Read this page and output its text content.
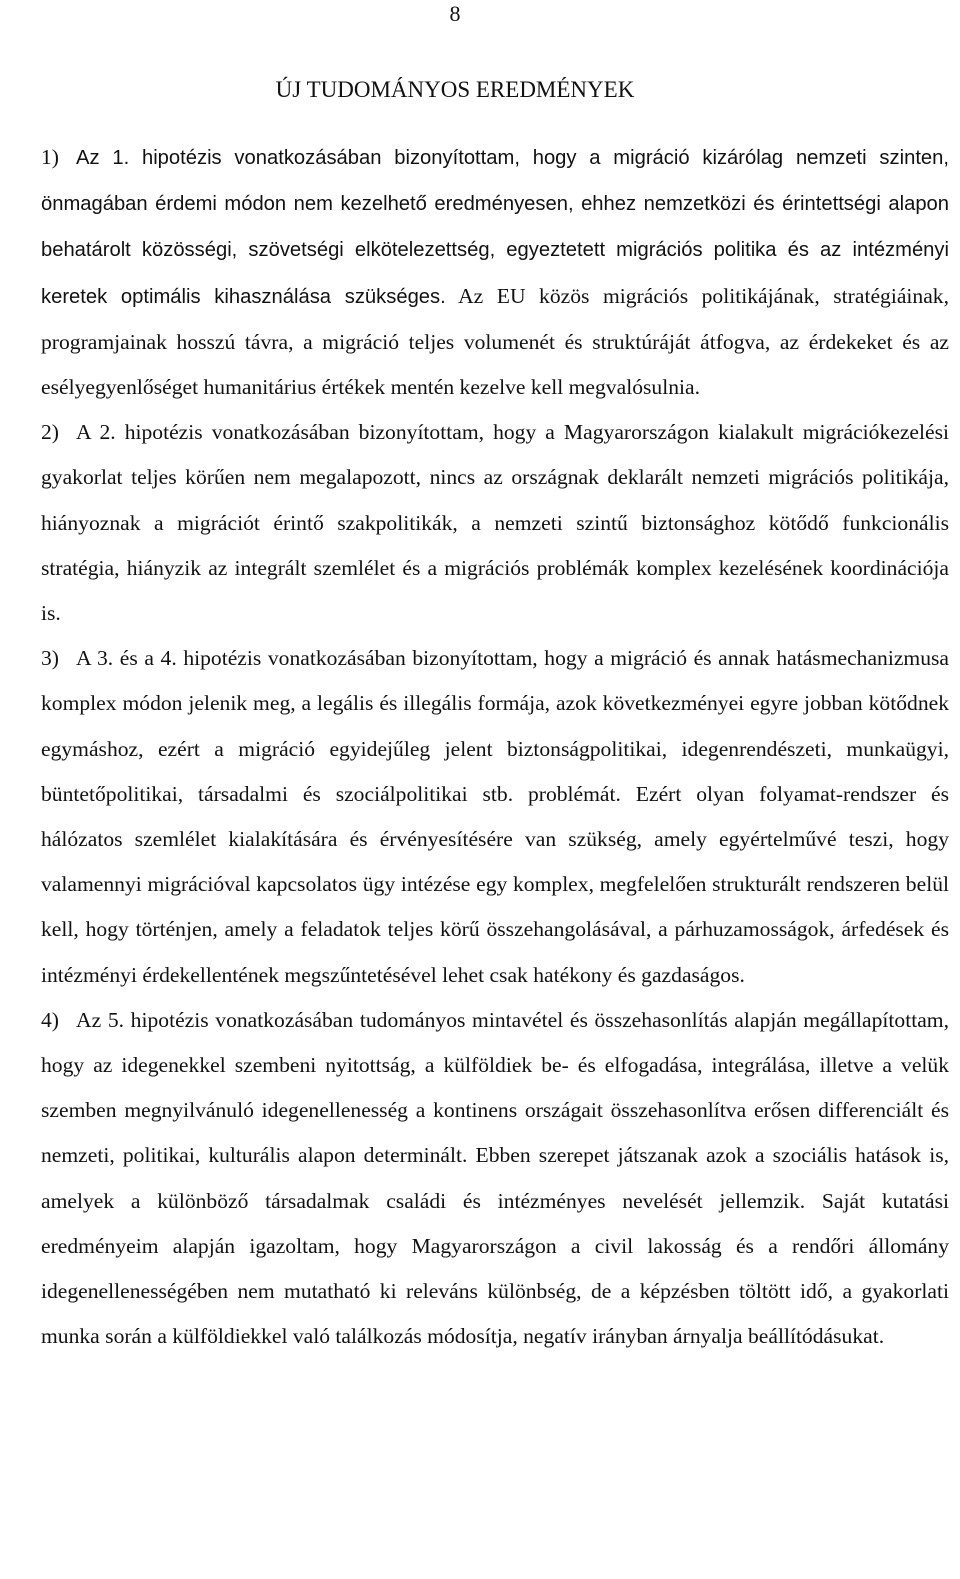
8
ÚJ TUDOMÁNYOS EREDMÉNYEK

1) Az 1. hipotézis vonatkozásában bizonyítottam, hogy a migráció kizárólag nemzeti szinten, önmagában érdemi módon nem kezelhető eredményesen, ehhez nemzetközi és érintettségi alapon behatárolt közösségi, szövetségi elkötelezettség, egyeztetett migrációs politika és az intézményi keretek optimális kihasználása szükséges. Az EU közös migrációs politikájának, stratégiáinak, programjainak hosszú távra, a migráció teljes volumenét és struktúráját átfogva, az érdekeket és az esélyegyenlőséget humanitárius értékek mentén kezelve kell megvalósulnia.

2) A 2. hipotézis vonatkozásában bizonyítottam, hogy a Magyarországon kialakult migrációkezelési gyakorlat teljes körűen nem megalapozott, nincs az országnak deklarált nemzeti migrációs politikája, hiányoznak a migrációt érintő szakpolitikák, a nemzeti szintű biztonsághoz kötődő funkcionális stratégia, hiányzik az integrált szemlélet és a migrációs problémák komplex kezelésének koordinációja is.

3) A 3. és a 4. hipotézis vonatkozásában bizonyítottam, hogy a migráció és annak hatásmechanizmusa komplex módon jelenik meg, a legális és illegális formája, azok következményei egyre jobban kötődnek egymáshoz, ezért a migráció egyidejűleg jelent biztonságpolitikai, idegenrendészeti, munkaügyi, büntetőpolitikai, társadalmi és szociálpolitikai stb. problémát. Ezért olyan folyamat-rendszer és hálózatos szemlélet kialakítására és érvényesítésére van szükség, amely egyértelművé teszi, hogy valamennyi migrációval kapcsolatos ügy intézése egy komplex, megfelelően strukturált rendszeren belül kell, hogy történjen, amely a feladatok teljes körű összehangolásával, a párhuzamosságok, árfedések és intézményi érdekellentének megszűntetésével lehet csak hatékony és gazdaságos.

4) Az 5. hipotézis vonatkozásában tudományos mintavétel és összehasonlítás alapján megállapítottam, hogy az idegenekkel szembeni nyitottság, a külföldiek be- és elfogadása, integrálása, illetve a velük szemben megnyilvánuló idegenellenesség a kontinens országait összehasonlítva erősen differenciált és nemzeti, politikai, kulturális alapon determinált. Ebben szerepet játszanak azok a szociális hatások is, amelyek a különböző társadalmak családi és intézményes nevelését jellemzik. Saját kutatási eredményeim alapján igazoltam, hogy Magyarországon a civil lakosság és a rendőri állomány idegenellenességében nem mutatható ki releváns különbség, de a képzésben töltött idő, a gyakorlati munka során a külföldiekkel való találkozás módosítja, negatív irányban árnyalja beállítódásukat.
